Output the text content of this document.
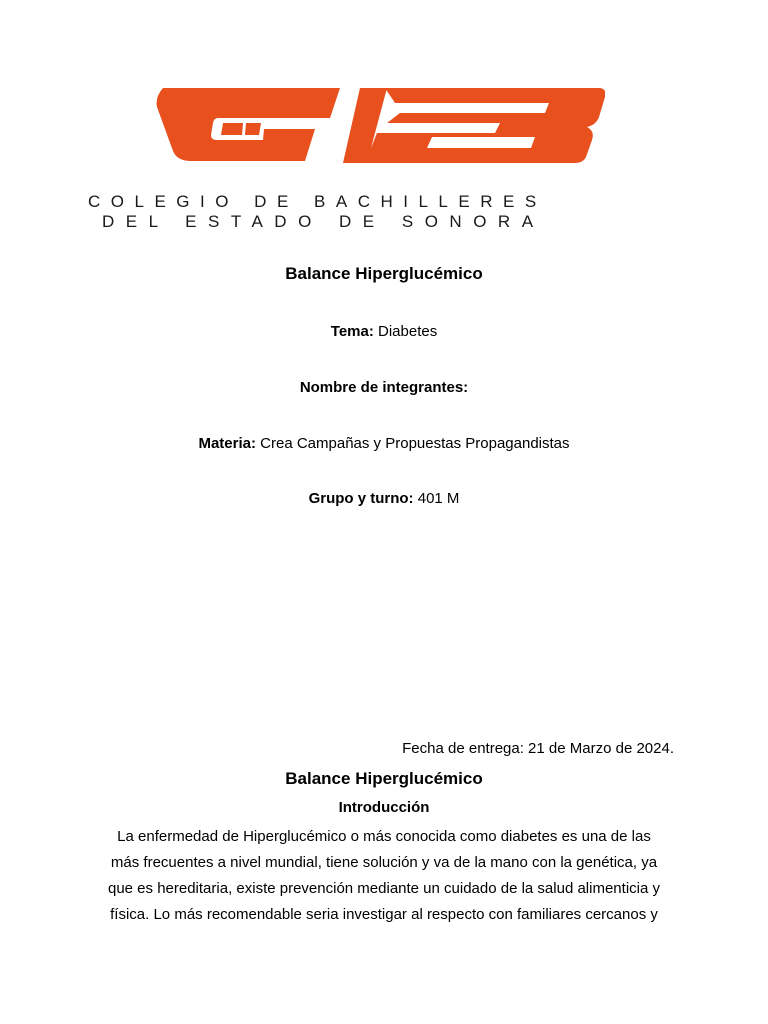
COLEGIO DE BACHILLERES
DEL ESTADO DE SONORA
Balance Hiperglucémico
Tema: Diabetes
Nombre de integrantes:
Materia: Crea Campañas y Propuestas Propagandistas
Grupo y turno: 401 M
Fecha de entrega: 21 de Marzo de 2024.
Balance Hiperglucémico
Introducción
La enfermedad de Hiperglucémico o más conocida como diabetes es una de las
más frecuentes a nivel mundial, tiene solución y va de la mano con la genética, ya
que es hereditaria, existe prevención mediante un cuidado de la salud alimenticia y
física. Lo más recomendable seria investigar al respecto con familiares cercanos y
